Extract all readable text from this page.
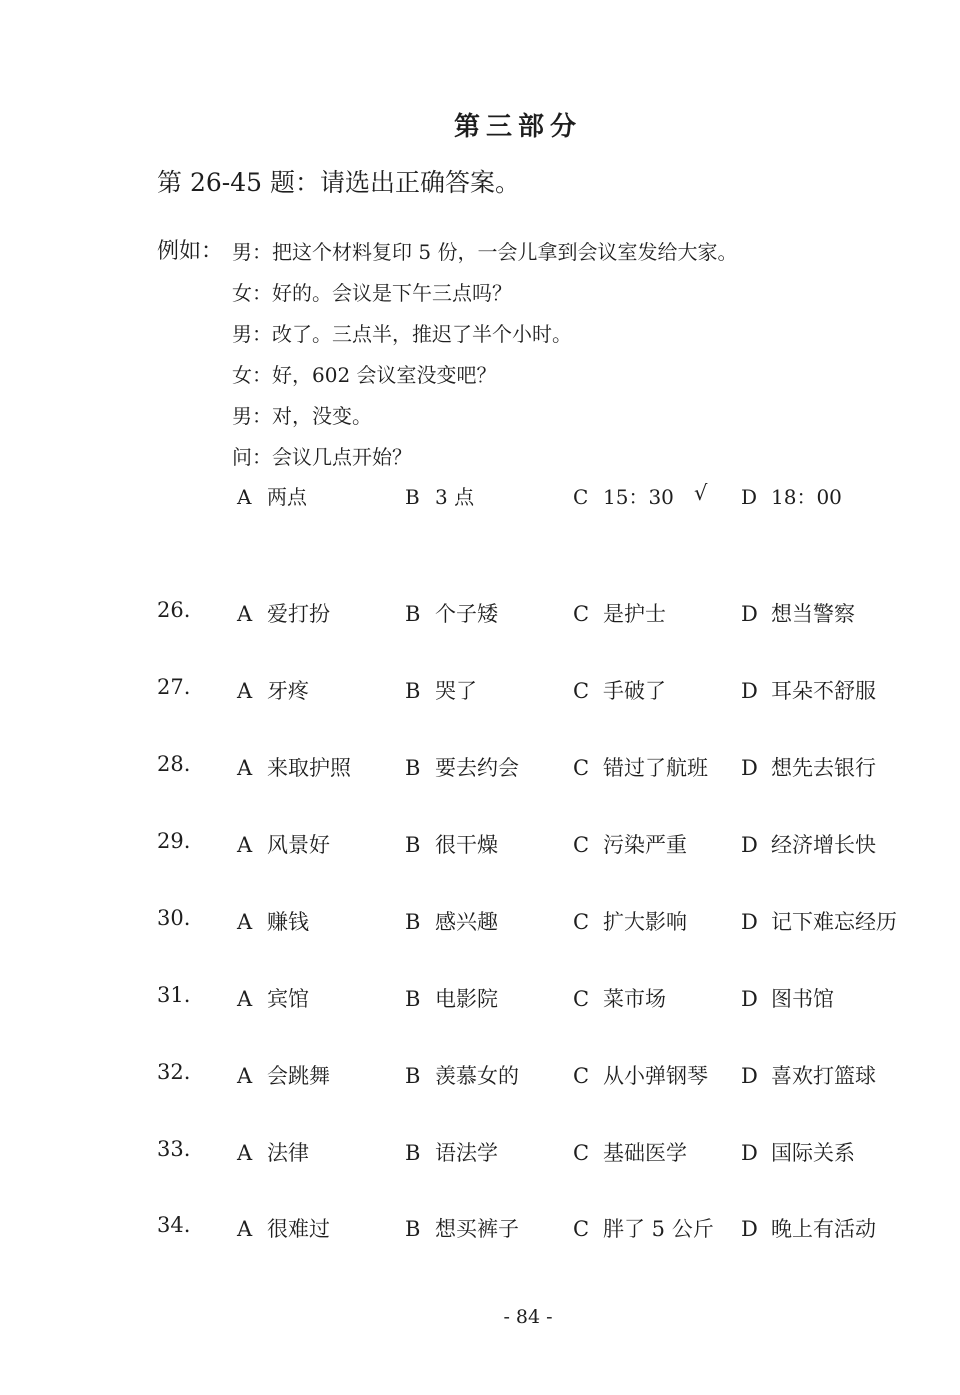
第三部分
第 26-45 题：请选出正确答案。
例如： 男：把这个材料复印 5 份，一会儿拿到会议室发给大家。
女：好的。会议是下午三点吗？
男：改了。三点半，推迟了半个小时。
女：好，602 会议室没变吧？
男：对，没变。
问：会议几点开始？
A 两点	B 3 点	C 15：30 √ D 18：00
26. A 爱打扮	B 个子矮	C 是护士	D 想当警察
27. A 牙疼	B 哭了	C 手破了	D 耳朵不舒服
28. A 来取护照	B 要去约会	C 错过了航班 D 想先去银行
29. A 风景好	B 很干燥	C 污染严重	D 经济增长快
30. A 赚钱	B 感兴趣	C 扩大影响	D 记下难忘经历
31. A 宾馆	B 电影院	C 菜市场	D 图书馆
32. A 会跳舞	B 羡慕女的	C 从小弹钢琴 D 喜欢打篮球
33. A 法律	B 语法学	C 基础医学	D 国际关系
34. A 很难过	B 想买裤子	C 胖了 5 公斤 D 晚上有活动
- 84 -
